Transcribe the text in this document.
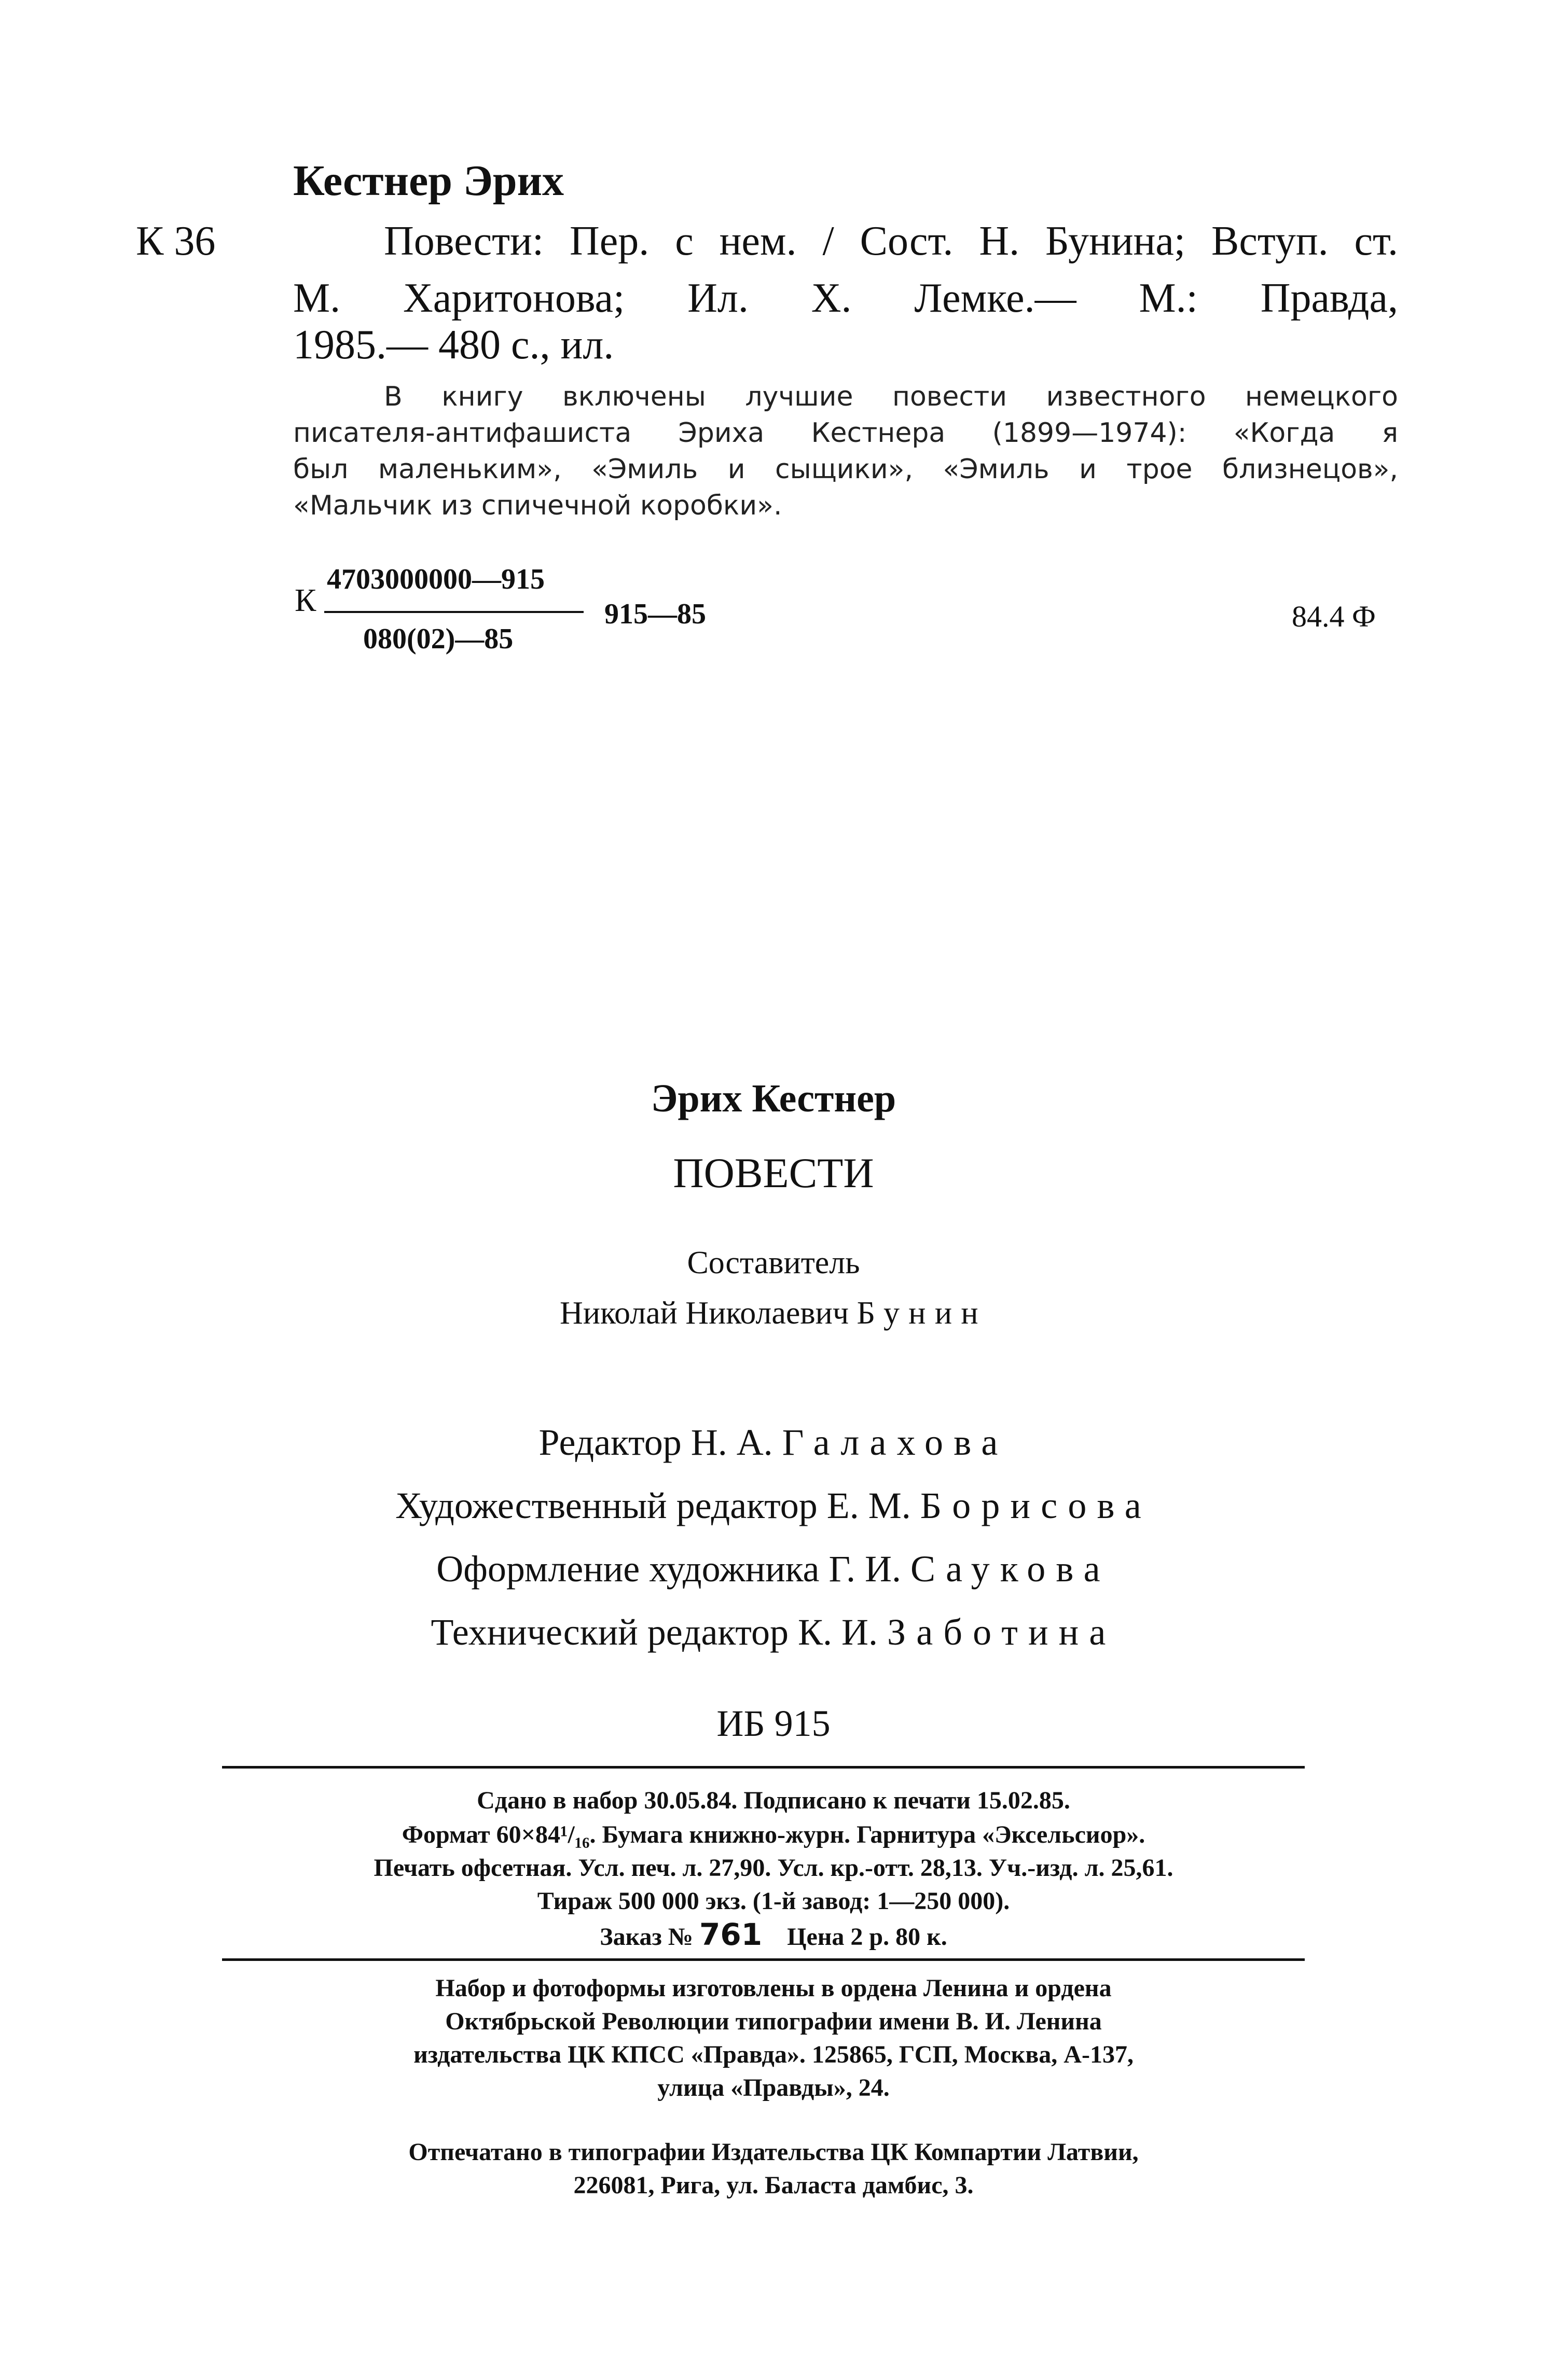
Кестнер Эрих
К 36	Повести: Пер. с нем. / Сост. Н. Бунина; Вступ. ст.
М. Харитонова; Ил. Х. Лемке.— М.: Правда,
1985.— 480 с., ил.
В книгу включены лучшие повести известного немецкого
писателя-антифашиста Эриха Кестнера (1899—1974): «Когда я
был маленьким», «Эмиль и сыщики», «Эмиль и трое близнецов»,
«Мальчик из спичечной коробки».
4703000000—915
К	915—85
080(02)—85
84.4 Ф
Эрих Кестнер
ПОВЕСТИ
Составитель
Николай Николаевич Бунин
Редактор Н. А. Галахова
Художественный редактор Е. М. Борисова
Оформление художника Г. И. Саукова
Технический редактор К. И. Заботина
ИБ 915
Сдано в набор 30.05.84. Подписано к печати 15.02.85.
Формат 60×84¹/₁₆. Бумага книжно-журн. Гарнитура «Эксельсиор».
Печать офсетная. Усл. печ. л. 27,90. Усл. кр.-отт. 28,13. Уч.-изд. л. 25,61.
Тираж 500 000 экз. (1-й завод: 1—250 000).
Заказ № 761 Цена 2 р. 80 к.
Набор и фотоформы изготовлены в ордена Ленина и ордена
Октябрьской Революции типографии имени В. И. Ленина
издательства ЦК КПСС «Правда». 125865, ГСП, Москва, А-137,
улица «Правды», 24.
Отпечатано в типографии Издательства ЦК Компартии Латвии,
226081, Рига, ул. Баласта дамбис, 3.
